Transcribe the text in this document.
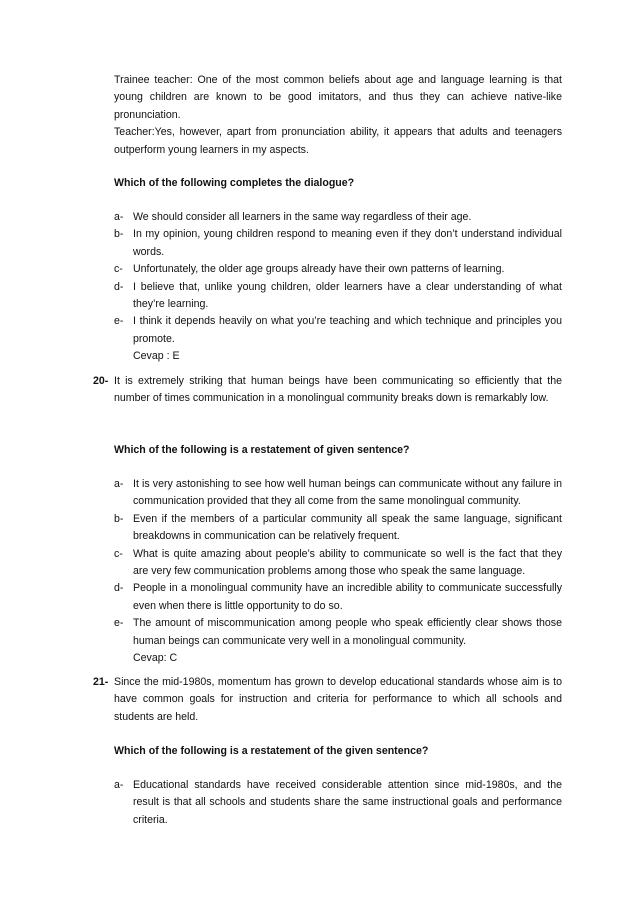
Trainee teacher: One of the most common beliefs about age and language learning is that young children are known to be good imitators, and thus they can achieve native-like pronunciation.

Teacher:Yes, however, apart from pronunciation ability, it appears that adults and teenagers outperform young learners in my aspects.

Which of the following completes the dialogue?
a- We should consider all learners in the same way regardless of their age.
b- In my opinion, young children respond to meaning even if they don’t understand individual words.
c- Unfortunately, the older age groups already have their own patterns of learning.
d- I believe that, unlike young children, older learners have a clear understanding of what they’re learning.
e- I think it depends heavily on what you’re teaching and which technique and principles you promote.
Cevap : E
20- It is extremely striking that human beings have been communicating so efficiently that the number of times communication in a monolingual community breaks down is remarkably low.
Which of the following is a restatement of given sentence?
a- It is very astonishing to see how well human beings can communicate without any failure in communication provided that they all come from the same monolingual community.
b- Even if the members of a particular community all speak the same language, significant breakdowns in communication can be relatively frequent.
c- What is quite amazing about people’s ability to communicate so well is the fact that they are very few communication problems among those who speak the same language.
d- People in a monolingual community have an incredible ability to communicate successfully even when there is little opportunity to do so.
e- The amount of miscommunication among people who speak efficiently clear shows those human beings can communicate very well in a monolingual community.
Cevap: C
21- Since the mid-1980s, momentum has grown to develop educational standards whose aim is to have common goals for instruction and criteria for performance to which all schools and students are held.
Which of the following is a restatement of the given sentence?
a- Educational standards have received considerable attention since mid-1980s, and the result is that all schools and students share the same instructional goals and performance criteria.
